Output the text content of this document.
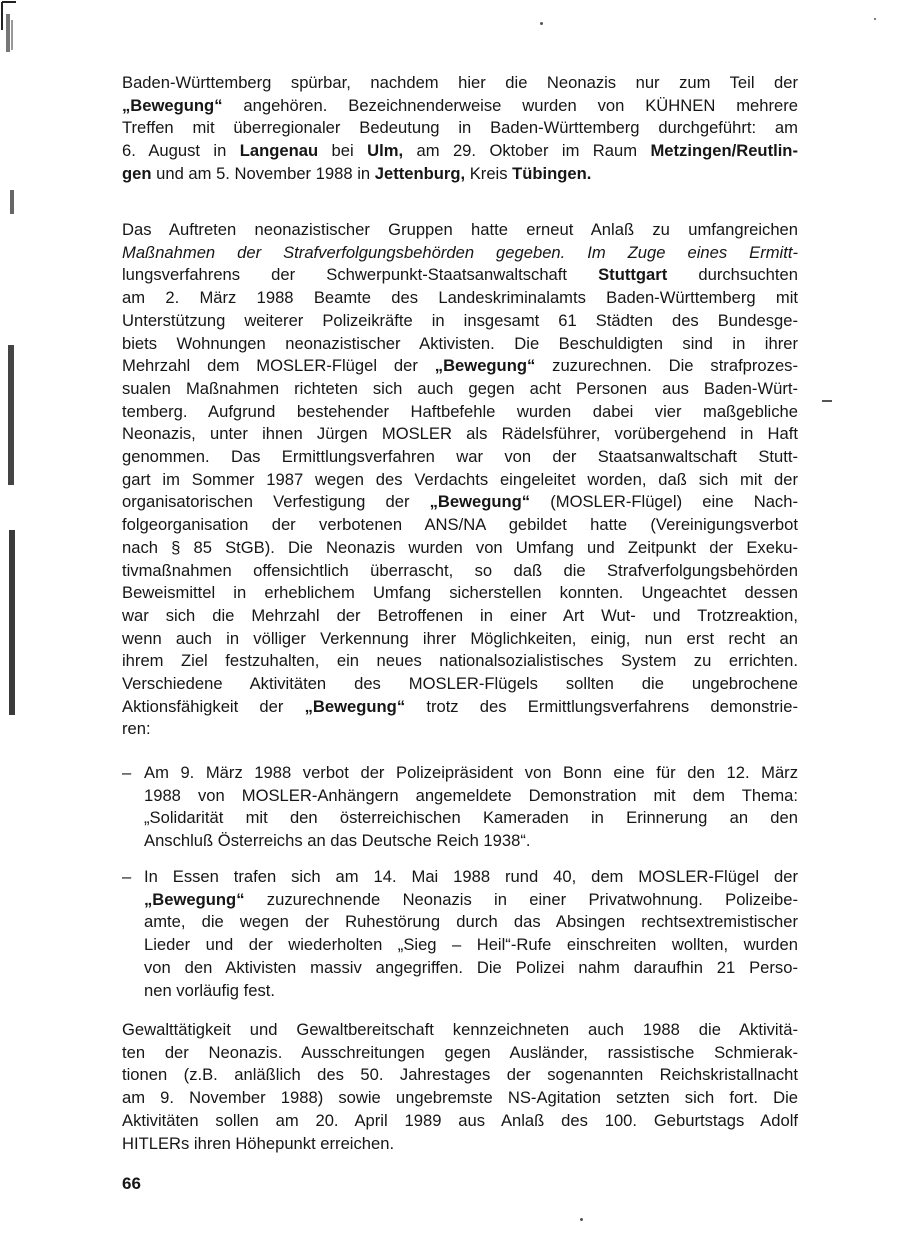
Baden-Württemberg spürbar, nachdem hier die Neonazis nur zum Teil der
„Bewegung“ angehören. Bezeichnenderweise wurden von KÜHNEN mehrere
Treffen mit überregionaler Bedeutung in Baden-Württemberg durchgeführt: am
6. August in Langenau bei Ulm, am 29. Oktober im Raum Metzingen/Reutlin-
gen und am 5. November 1988 in Jettenburg, Kreis Tübingen.
Das Auftreten neonazistischer Gruppen hatte erneut Anlaß zu umfangreichen
Maßnahmen der Strafverfolgungsbehörden gegeben. Im Zuge eines Ermitt-
lungsverfahrens der Schwerpunkt-Staatsanwaltschaft Stuttgart durchsuchten
am 2. März 1988 Beamte des Landeskriminalamts Baden-Württemberg mit
Unterstützung weiterer Polizeikräfte in insgesamt 61 Städten des Bundesge-
biets Wohnungen neonazistischer Aktivisten. Die Beschuldigten sind in ihrer
Mehrzahl dem MOSLER-Flügel der „Bewegung“ zuzurechnen. Die strafprozes-
sualen Maßnahmen richteten sich auch gegen acht Personen aus Baden-Würt-
temberg. Aufgrund bestehender Haftbefehle wurden dabei vier maßgebliche
Neonazis, unter ihnen Jürgen MOSLER als Rädelsführer, vorübergehend in Haft
genommen. Das Ermittlungsverfahren war von der Staatsanwaltschaft Stutt-
gart im Sommer 1987 wegen des Verdachts eingeleitet worden, daß sich mit der
organisatorischen Verfestigung der „Bewegung“ (MOSLER-Flügel) eine Nach-
folgeorganisation der verbotenen ANS/NA gebildet hatte (Vereinigungsverbot
nach § 85 StGB). Die Neonazis wurden von Umfang und Zeitpunkt der Exeku-
tivmaßnahmen offensichtlich überrascht, so daß die Strafverfolgungsbehörden
Beweismittel in erheblichem Umfang sicherstellen konnten. Ungeachtet dessen
war sich die Mehrzahl der Betroffenen in einer Art Wut- und Trotzreaktion,
wenn auch in völliger Verkennung ihrer Möglichkeiten, einig, nun erst recht an
ihrem Ziel festzuhalten, ein neues nationalsozialistisches System zu errichten.
Verschiedene Aktivitäten des MOSLER-Flügels sollten die ungebrochene
Aktionsfähigkeit der „Bewegung“ trotz des Ermittlungsverfahrens demonstrie-
ren:
– Am 9. März 1988 verbot der Polizeipräsident von Bonn eine für den 12. März
1988 von MOSLER-Anhängern angemeldete Demonstration mit dem Thema:
„Solidarität mit den österreichischen Kameraden in Erinnerung an den
Anschluß Österreichs an das Deutsche Reich 1938“.
– In Essen trafen sich am 14. Mai 1988 rund 40, dem MOSLER-Flügel der
„Bewegung“ zuzurechnende Neonazis in einer Privatwohnung. Polizeibe-
amte, die wegen der Ruhestörung durch das Absingen rechtsextremistischer
Lieder und der wiederholten „Sieg – Heil“-Rufe einschreiten wollten, wurden
von den Aktivisten massiv angegriffen. Die Polizei nahm daraufhin 21 Perso-
nen vorläufig fest.
Gewalttätigkeit und Gewaltbereitschaft kennzeichneten auch 1988 die Aktivitä-
ten der Neonazis. Ausschreitungen gegen Ausländer, rassistische Schmierak-
tionen (z.B. anläßlich des 50. Jahrestages der sogenannten Reichskristallnacht
am 9. November 1988) sowie ungebremste NS-Agitation setzten sich fort. Die
Aktivitäten sollen am 20. April 1989 aus Anlaß des 100. Geburtstags Adolf
HITLERs ihren Höhepunkt erreichen.
66
